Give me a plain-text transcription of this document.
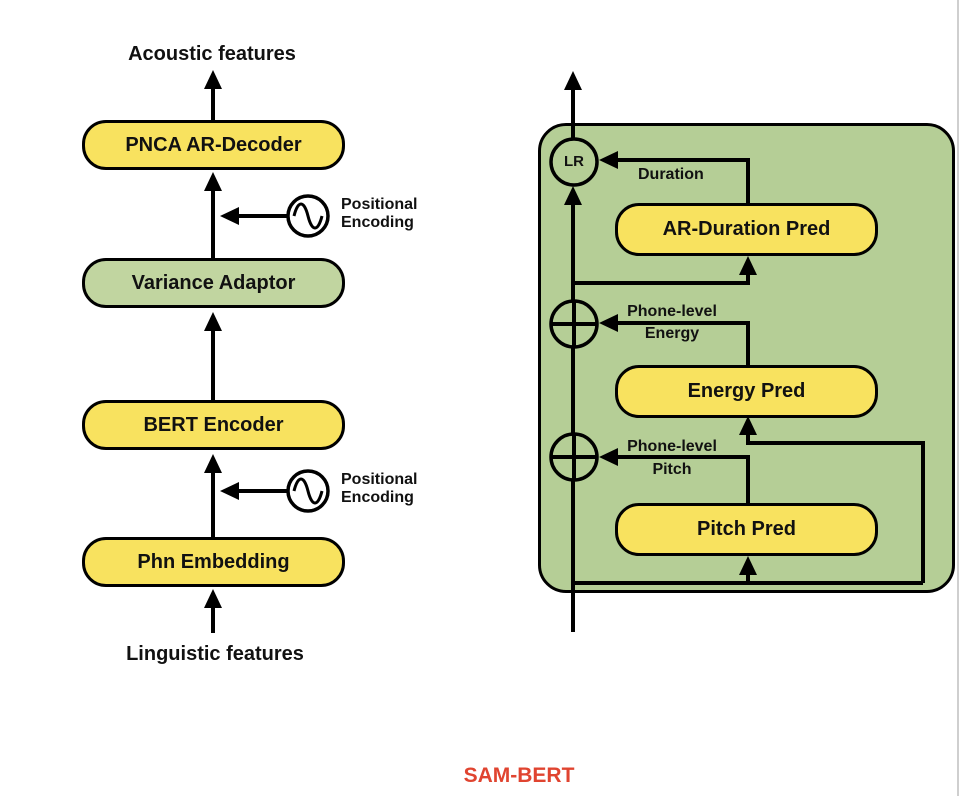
Acoustic features
PNCA AR-Decoder
Positional
Encoding
Variance Adaptor
BERT Encoder
Positional
Encoding
Phn Embedding
Linguistic features
LR
Duration
AR-Duration Pred
Phone-level
Energy
Energy Pred
Phone-level
Pitch
Pitch Pred
SAM-BERT
